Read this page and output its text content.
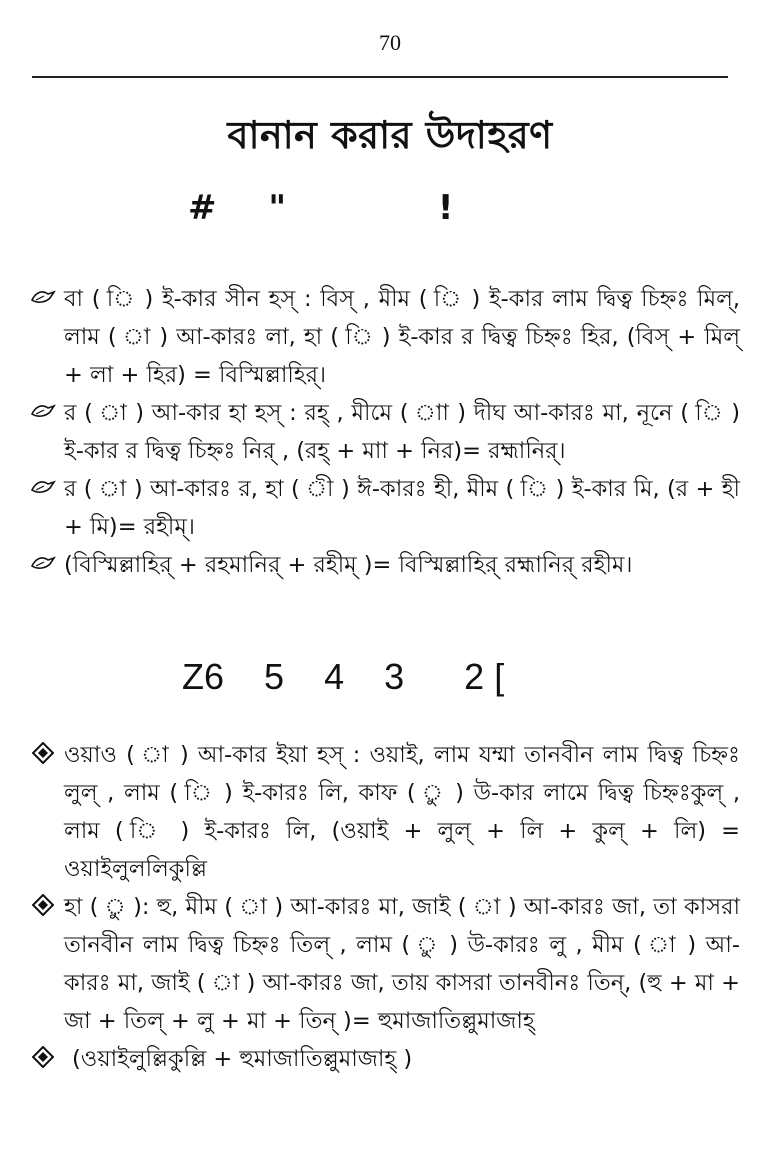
70
বানান করার উদাহরণ
# "	!

বা ( ি ) ই-কার সীন হস্ : বিস্ , মীম ( ি ) ই-কার লাম দ্বিত্ব চিহ্নঃ মিল্, লাম ( া ) আ-কারঃ লা, হা ( ি ) ই-কার র দ্বিত্ব চিহ্নঃ হির, (বিস্ + মিল্ + লা + হির) = বিস্মিল্লাহির্।

র ( া ) আ-কার হা হস্ : রহ্ , মীমে ( াা ) দীঘ আ-কারঃ মা, নূনে ( ি ) ই-কার র দ্বিত্ব চিহ্নঃ নির্ , (রহ্ + মাা + নির)= রহ্মানির্।

র ( া ) আ-কারঃ র, হা ( ী ) ঈ-কারঃ হী, মীম ( ি ) ই-কার মি, (র + হী + মি)= রহীম্।

(বিস্মিল্লাহির্ + রহমানির্ + রহীম্ )= বিস্মিল্লাহির্ রহ্মানির্ রহীম।

Z6 5 4 3 2 [

ওয়াও ( া ) আ-কার ইয়া হস্ : ওয়াই, লাম যম্মা তানবীন লাম দ্বিত্ব চিহ্নঃ লুল্ , লাম ( ি ) ই-কারঃ লি, কাফ ( ু ) উ-কার লামে দ্বিত্ব চিহ্নঃকুল্ , লাম ( ি ) ই-কারঃ লি, (ওয়াই + লুল্ + লি + কুল্ + লি) = ওয়াইলুললিকুল্লি

হা ( ু ): হু, মীম ( া ) আ-কারঃ মা, জাই ( া ) আ-কারঃ জা, তা কাসরা তানবীন লাম দ্বিত্ব চিহ্নঃ তিল্ , লাম ( ু ) উ-কারঃ লু , মীম ( া ) আ-কারঃ মা, জাই ( া ) আ-কারঃ জা, তায় কাসরা তানবীনঃ তিন্, (হু + মা + জা + তিল্ + লু + মা + তিন্ )= হুমাজাতিল্লুমাজাহ্

(ওয়াইলুল্লিকুল্লি + হুমাজাতিল্লুমাজাহ্ )
